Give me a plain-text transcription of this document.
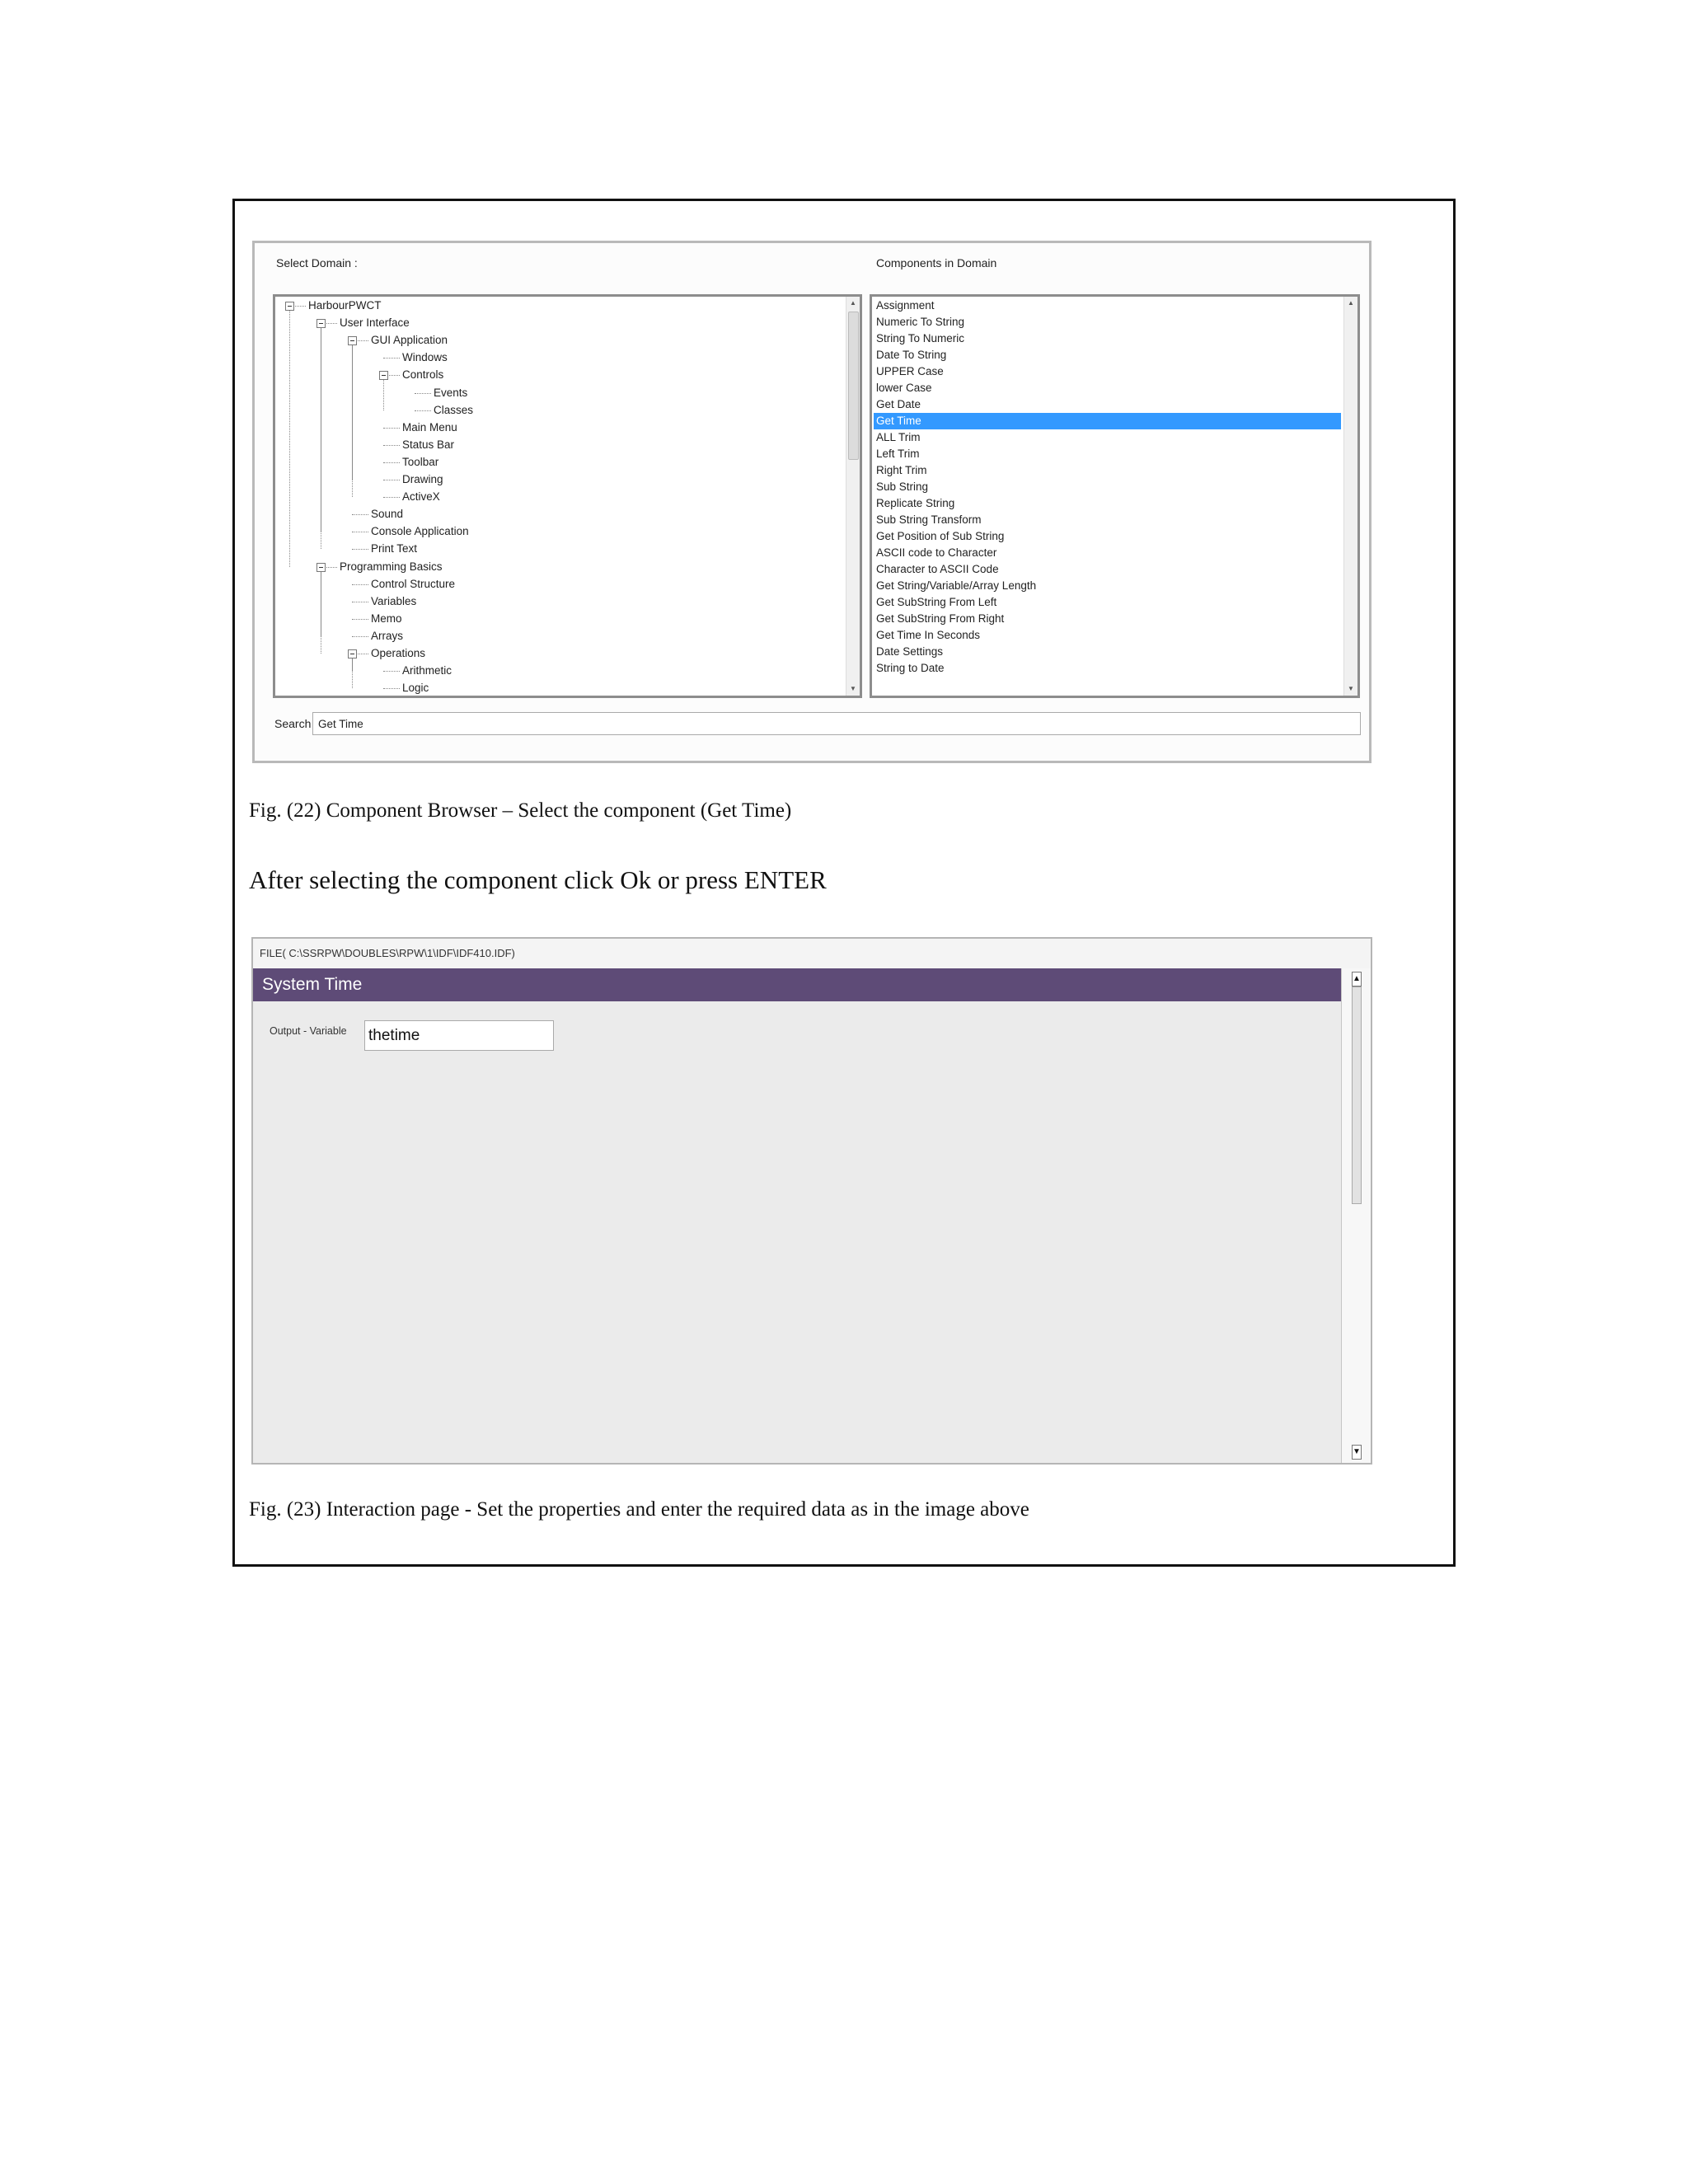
Select Domain :	Components in Domain
▲
▼
HarbourPWCT
User Interface
GUI Application
Windows
Controls
Events
Classes
Main Menu
Status Bar
Toolbar
Drawing
ActiveX
Sound
Console Application
Print Text
Programming Basics
Control Structure
Variables
Memo
Arrays
Operations
Arithmetic
Logic
▲
▼
Assignment
Numeric To String
String To Numeric
Date To String
UPPER Case
lower Case
Get Date
Get Time
ALL Trim
Left Trim
Right Trim
Sub String
Replicate String
Sub String Transform
Get Position of Sub String
ASCII code to Character
Character to ASCII Code
Get String/Variable/Array Length
Get SubString From Left
Get SubString From Right
Get Time In Seconds
Date Settings
String to Date
Search
Get Time
Fig. (22) Component Browser – Select the component (Get Time)
After selecting the component click Ok or press ENTER
FILE( C:\SSRPW\DOUBLES\RPW\1\IDF\IDF410.IDF)
System Time
Output - Variable
thetime
▲
▼
Fig. (23) Interaction page - Set the properties and enter the required data as in the image above
